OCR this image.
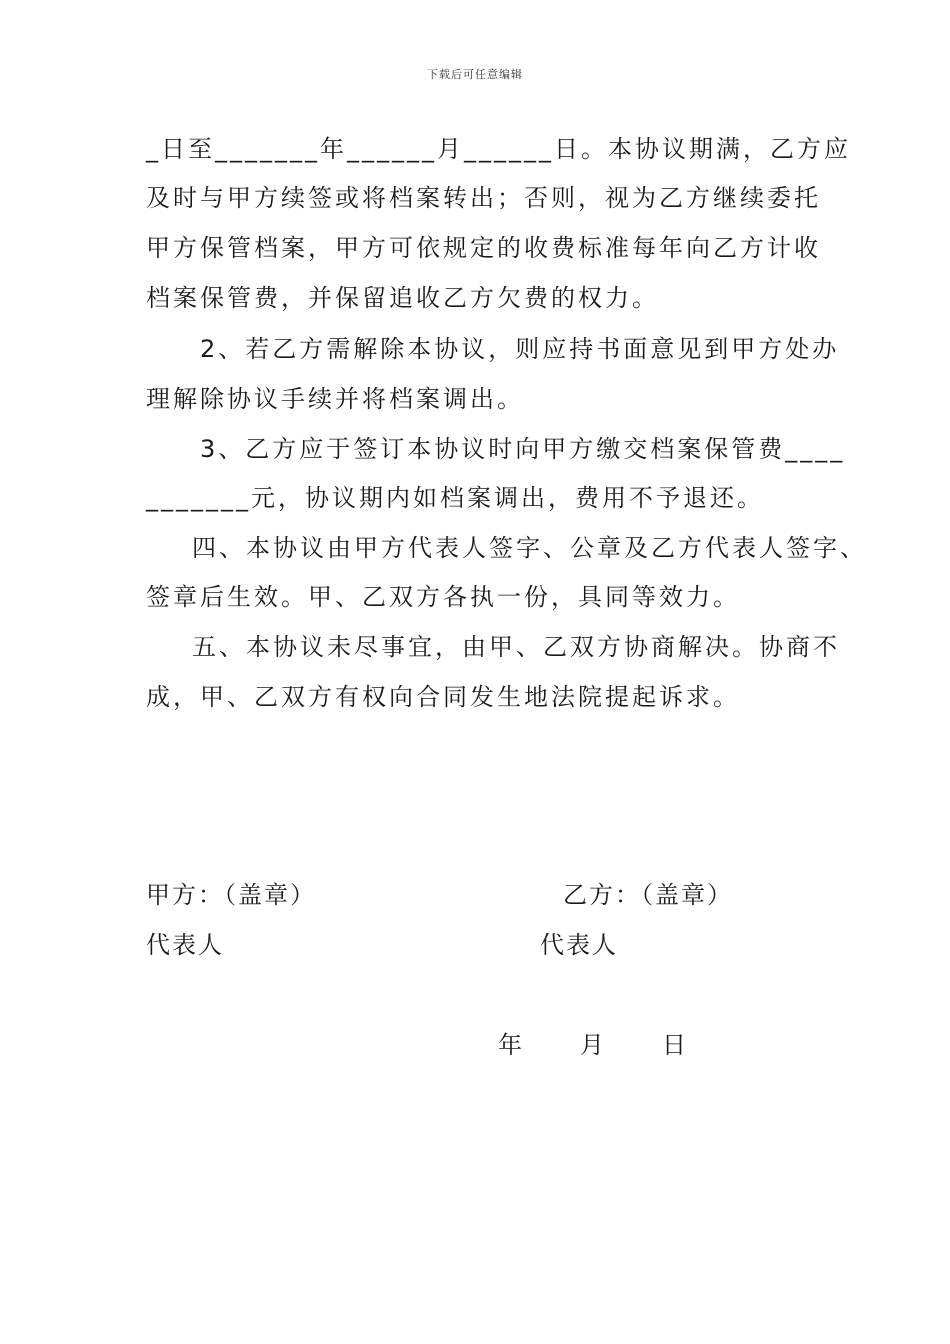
下载后可任意编辑
_日至_______年______月______日。本协议期满，乙方应
及时与甲方续签或将档案转出；否则，视为乙方继续委托
甲方保管档案，甲方可依规定的收费标准每年向乙方计收
档案保管费，并保留追收乙方欠费的权力。
2、若乙方需解除本协议，则应持书面意见到甲方处办
理解除协议手续并将档案调出。
3、乙方应于签订本协议时向甲方缴交档案保管费____
_______元，协议期内如档案调出，费用不予退还。
四、本协议由甲方代表人签字、公章及乙方代表人签字、
签章后生效。甲、乙双方各执一份，具同等效力。
五、本协议未尽事宜，由甲、乙双方协商解决。协商不
成，甲、乙双方有权向合同发生地法院提起诉求。
甲方：（盖章）	乙方：（盖章）
代表人	代表人
年 月 日
